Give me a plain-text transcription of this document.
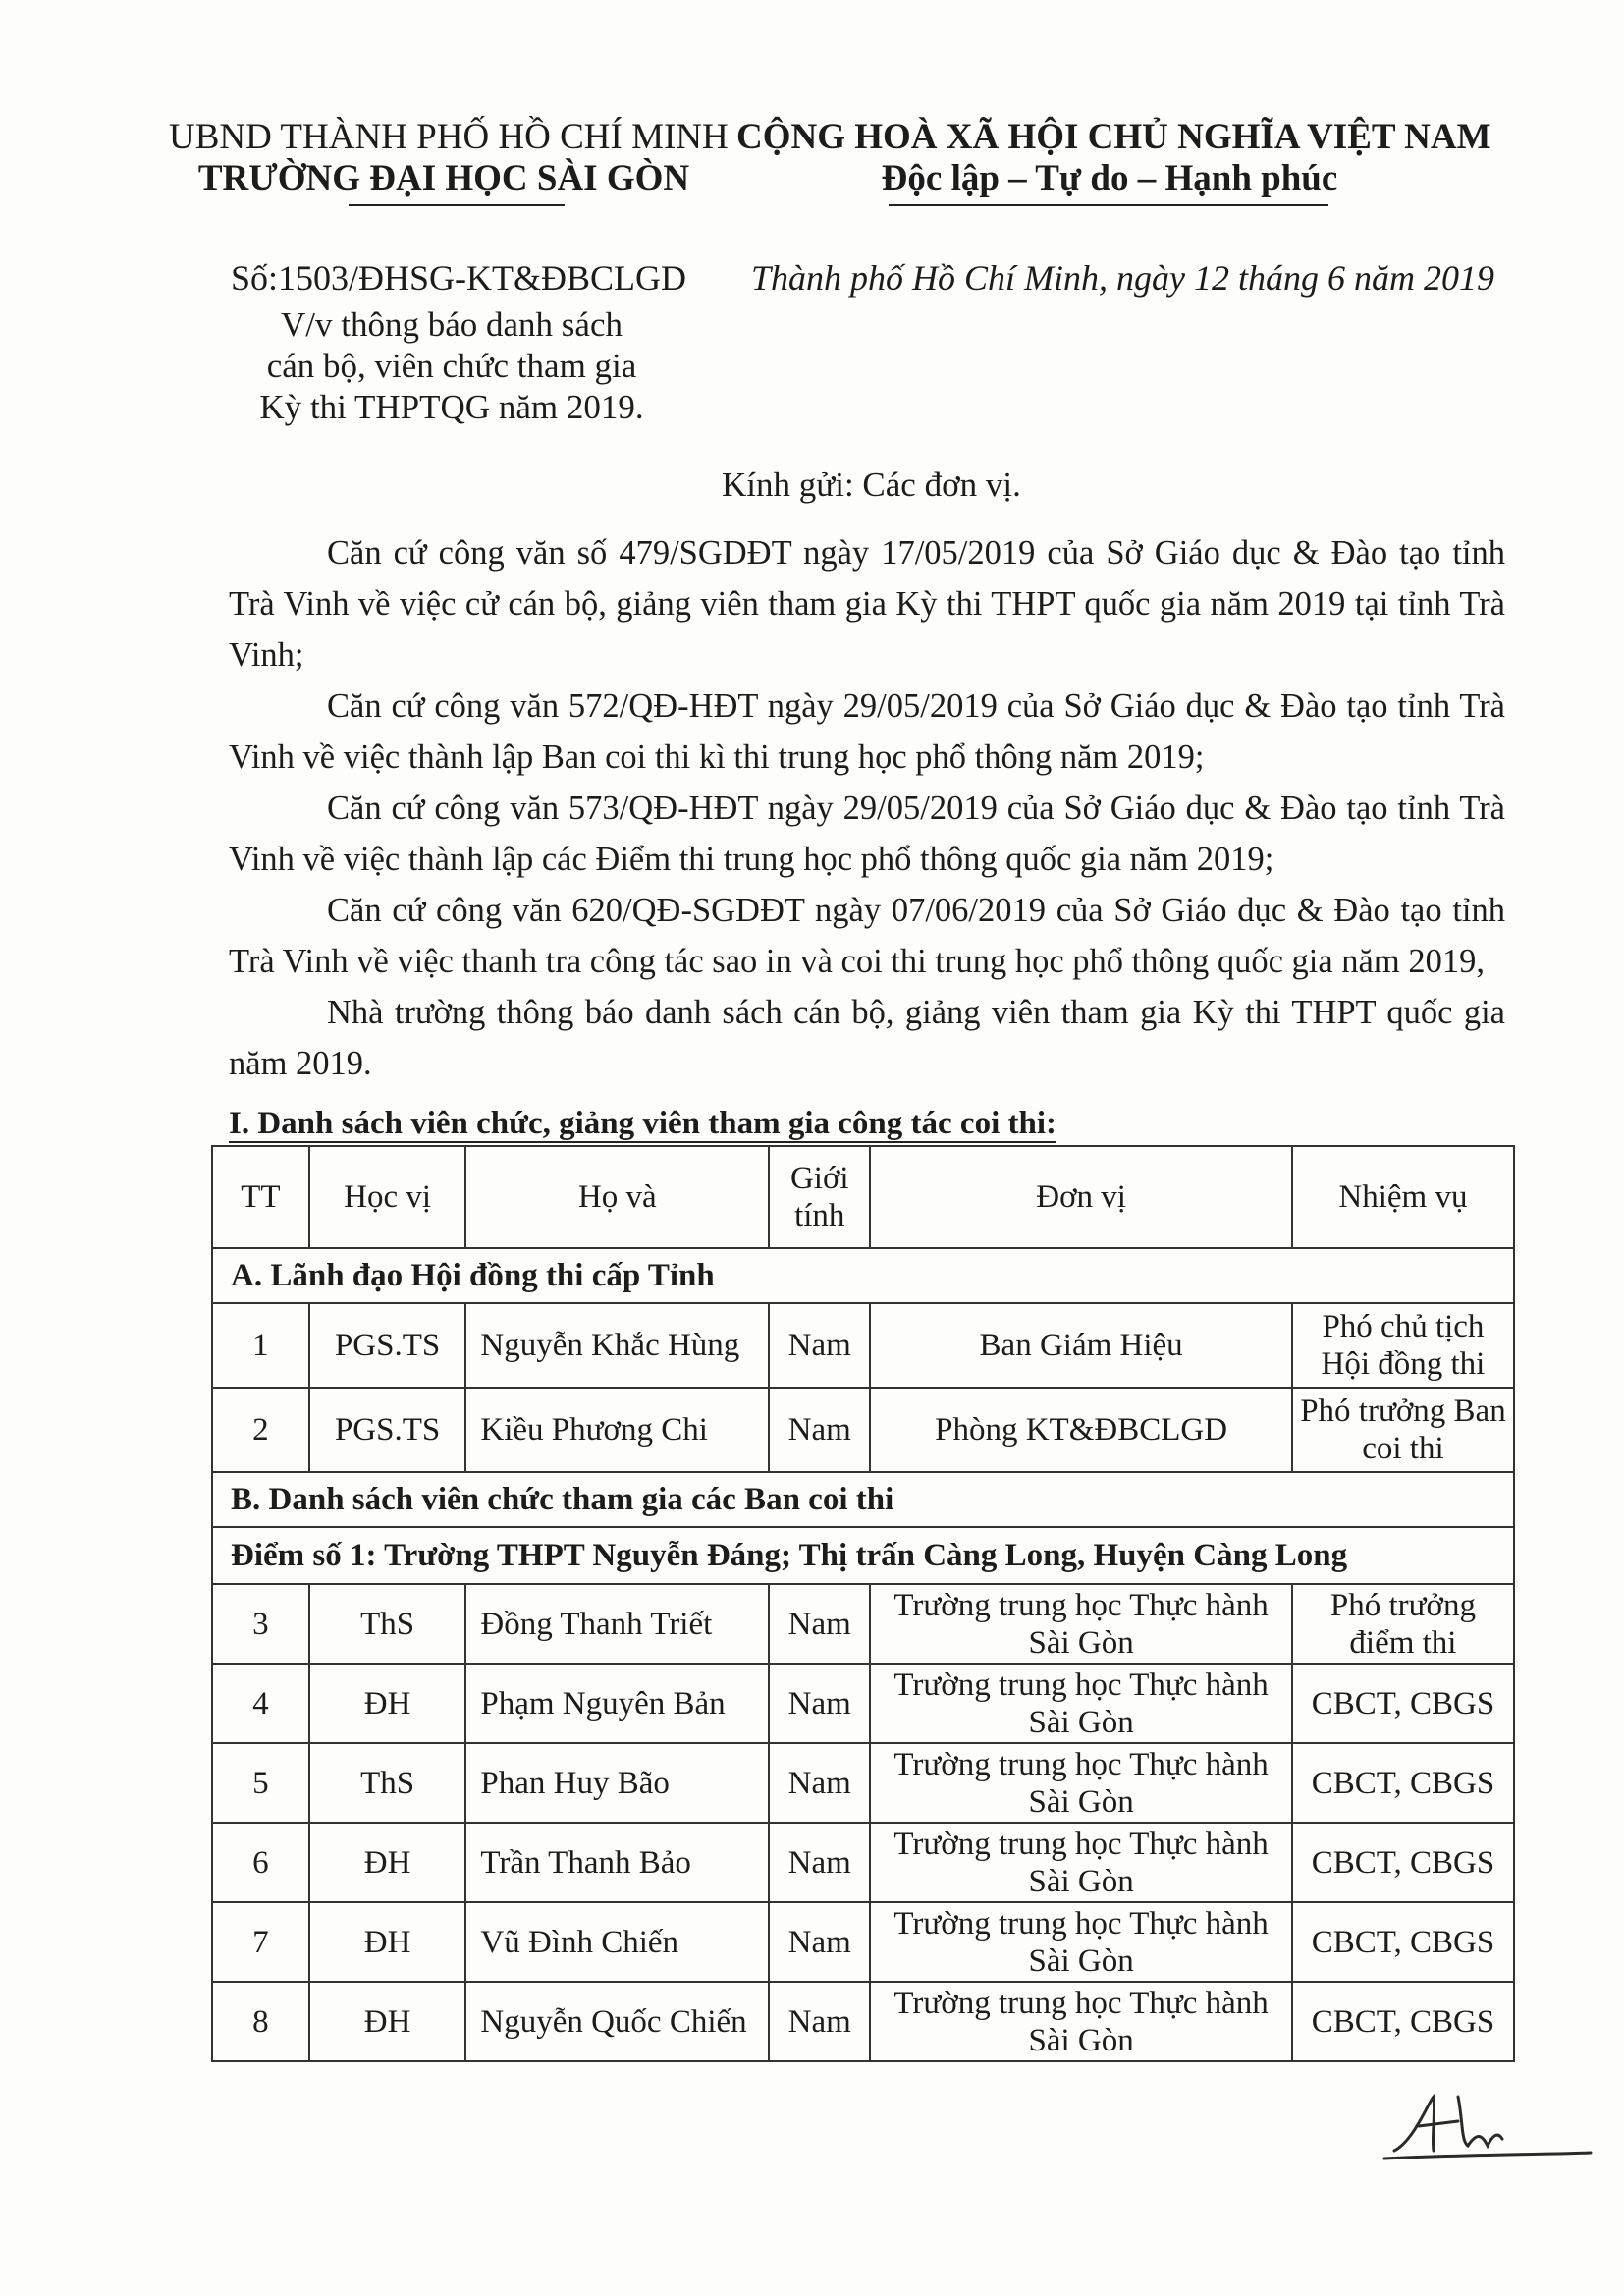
UBND THÀNH PHỐ HỒ CHÍ MINH
TRƯỜNG ĐẠI HỌC SÀI GÒN
CỘNG HOÀ XÃ HỘI CHỦ NGHĨA VIỆT NAM
Độc lập – Tự do – Hạnh phúc
Số:1503/ĐHSG-KT&ĐBCLGD Thành phố Hồ Chí Minh, ngày 12 tháng 6 năm 2019
V/v thông báo danh sách
cán bộ, viên chức tham gia
Kỳ thi THPTQG năm 2019.
Kính gửi: Các đơn vị.

Căn cứ công văn số 479/SGDĐT ngày 17/05/2019 của Sở Giáo dục & Đào tạo tỉnh Trà Vinh về việc cử cán bộ, giảng viên tham gia Kỳ thi THPT quốc gia năm 2019 tại tỉnh Trà Vinh;

Căn cứ công văn 572/QĐ-HĐT ngày 29/05/2019 của Sở Giáo dục & Đào tạo tỉnh Trà Vinh về việc thành lập Ban coi thi kì thi trung học phổ thông năm 2019;

Căn cứ công văn 573/QĐ-HĐT ngày 29/05/2019 của Sở Giáo dục & Đào tạo tỉnh Trà Vinh về việc thành lập các Điểm thi trung học phổ thông quốc gia năm 2019;

Căn cứ công văn 620/QĐ-SGDĐT ngày 07/06/2019 của Sở Giáo dục & Đào tạo tỉnh Trà Vinh về việc thanh tra công tác sao in và coi thi trung học phổ thông quốc gia năm 2019,

Nhà trường thông báo danh sách cán bộ, giảng viên tham gia Kỳ thi THPT quốc gia năm 2019.

I. Danh sách viên chức, giảng viên tham gia công tác coi thi:
TT	Học vị	Họ và	Giới tính	Đơn vị	Nhiệm vụ
A. Lãnh đạo Hội đồng thi cấp Tỉnh					
1	PGS.TS	Nguyễn Khắc Hùng	Nam	Ban Giám Hiệu	Phó chủ tịch Hội đồng thi
2	PGS.TS	Kiều Phương Chi	Nam	Phòng KT&ĐBCLGD	Phó trưởng Ban coi thi
B. Danh sách viên chức tham gia các Ban coi thi					
Điểm số 1: Trường THPT Nguyễn Đáng; Thị trấn Càng Long, Huyện Càng Long					
3	ThS	Đồng Thanh Triết	Nam	Trường trung học Thực hành Sài Gòn	Phó trưởng điểm thi
4	ĐH	Phạm Nguyên Bản	Nam	Trường trung học Thực hành Sài Gòn	CBCT, CBGS
5	ThS	Phan Huy Bão	Nam	Trường trung học Thực hành Sài Gòn	CBCT, CBGS
6	ĐH	Trần Thanh Bảo	Nam	Trường trung học Thực hành Sài Gòn	CBCT, CBGS
7	ĐH	Vũ Đình Chiến	Nam	Trường trung học Thực hành Sài Gòn	CBCT, CBGS
8	ĐH	Nguyễn Quốc Chiến	Nam	Trường trung học Thực hành Sài Gòn	CBCT, CBGS
